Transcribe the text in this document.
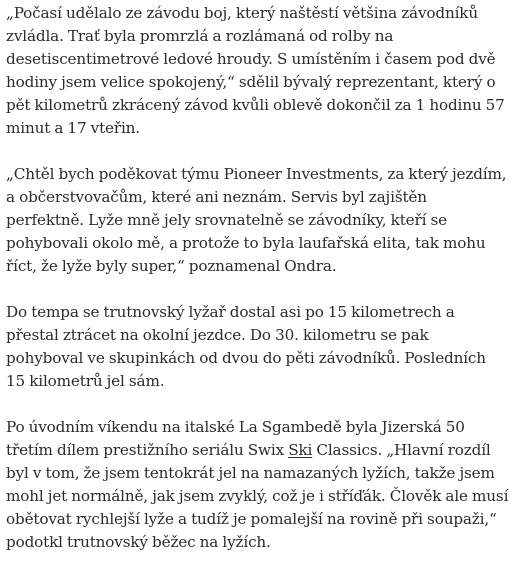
„Počasí udělalo ze závodu boj, který naštěstí většina závodníků zvládla. Trať byla promrzlá a rozlámaná od rolby na desetiscentimetrové ledové hroudy. S umístěním i časem pod dvě hodiny jsem velice spokojený,“ sdělil bývalý reprezentant, který o pět kilometrů zkrácený závod kvůli oblevě dokončil za 1 hodinu 57 minut a 17 vteřin.

„Chtěl bych poděkovat týmu Pioneer Investments, za který jezdím, a občerstvovačům, které ani neznám. Servis byl zajištěn perfektně. Lyže mně jely srovnatelně se závodníky, kteří se pohybovali okolo mě, a protože to byla laufařská elita, tak mohu říct, že lyže byly super,“ poznamenal Ondra.

Do tempa se trutnovský lyžař dostal asi po 15 kilometrech a přestal ztrácet na okolní jezdce. Do 30. kilometru se pak pohyboval ve skupinkách od dvou do pěti závodníků. Posledních 15 kilometrů jel sám.

Po úvodním víkendu na italské La Sgambedě byla Jizerská 50 třetím dílem prestižního seriálu Swix Ski Classics. „Hlavní rozdíl byl v tom, že jsem tentokrát jel na namazaných lyžích, takže jsem mohl jet normálně, jak jsem zvyklý, což je i stříďák. Člověk ale musí obětovat rychlejší lyže a tudíž je pomalejší na rovině při soupaži,“ podotkl trutnovský běžec na lyžích.
